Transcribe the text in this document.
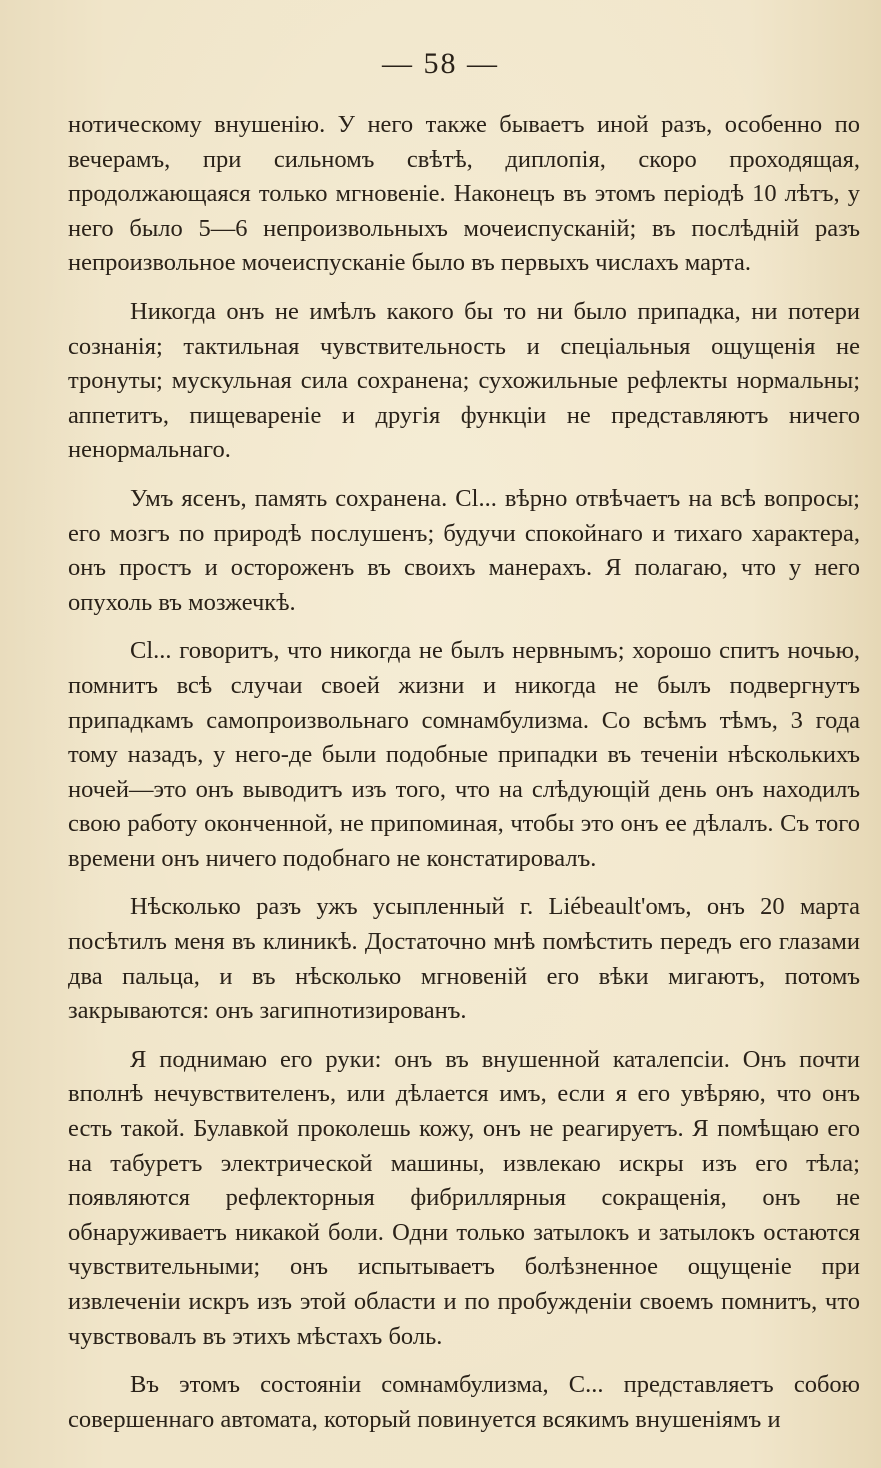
— 58 —

нотическому внушенію. У него также бываетъ иной разъ, особенно по вечерамъ, при сильномъ свѣтѣ, диплопія, скоро проходящая, продолжающаяся только мгновеніе. Наконецъ въ этомъ періодѣ 10 лѣтъ, у него было 5—6 непроизвольныхъ мочеиспусканій; въ послѣдній разъ непроизвольное мочеиспусканіе было въ первыхъ числахъ марта.

Никогда онъ не имѣлъ какого бы то ни было припадка, ни потери сознанія; тактильная чувствительность и спеціальныя ощущенія не тронуты; мускульная сила сохранена; сухожильные рефлекты нормальны; аппетитъ, пищевареніе и другія функціи не представляютъ ничего ненормальнаго.

Умъ ясенъ, память сохранена. Сl... вѣрно отвѣчаетъ на всѣ вопросы; его мозгъ по природѣ послушенъ; будучи спокойнаго и тихаго характера, онъ простъ и остороженъ въ своихъ манерахъ. Я полагаю, что у него опухоль въ мозжечкѣ.

Сl... говоритъ, что никогда не былъ нервнымъ; хорошо спитъ ночью, помнитъ всѣ случаи своей жизни и никогда не былъ подвергнутъ припадкамъ самопроизвольнаго сомнамбулизма. Со всѣмъ тѣмъ, 3 года тому назадъ, у него-де были подобные припадки въ теченіи нѣсколькихъ ночей—это онъ выводитъ изъ того, что на слѣдующій день онъ находилъ свою работу оконченной, не припоминая, чтобы это онъ ее дѣлалъ. Съ того времени онъ ничего подобнаго не констатировалъ.

Нѣсколько разъ ужъ усыпленный г. Liébeault'омъ, онъ 20 марта посѣтилъ меня въ клиникѣ. Достаточно мнѣ помѣстить передъ его глазами два пальца, и въ нѣсколько мгновеній его вѣки мигаютъ, потомъ закрываются: онъ загипнотизированъ.

Я поднимаю его руки: онъ въ внушенной каталепсіи. Онъ почти вполнѣ нечувствителенъ, или дѣлается имъ, если я его увѣряю, что онъ есть такой. Булавкой проколешь кожу, онъ не реагируетъ. Я помѣщаю его на табуретъ электрической машины, извлекаю искры изъ его тѣла; появляются рефлекторныя фибриллярныя сокращенія, онъ не обнаруживаетъ никакой боли. Одни только затылокъ и затылокъ остаются чувствительными; онъ испытываетъ болѣзненное ощущеніе при извлеченіи искръ изъ этой области и по пробужденіи своемъ помнитъ, что чувствовалъ въ этихъ мѣстахъ боль.

Въ этомъ состояніи сомнамбулизма, С... представляетъ собою совершеннаго автомата, который повинуется всякимъ внушеніямъ и
